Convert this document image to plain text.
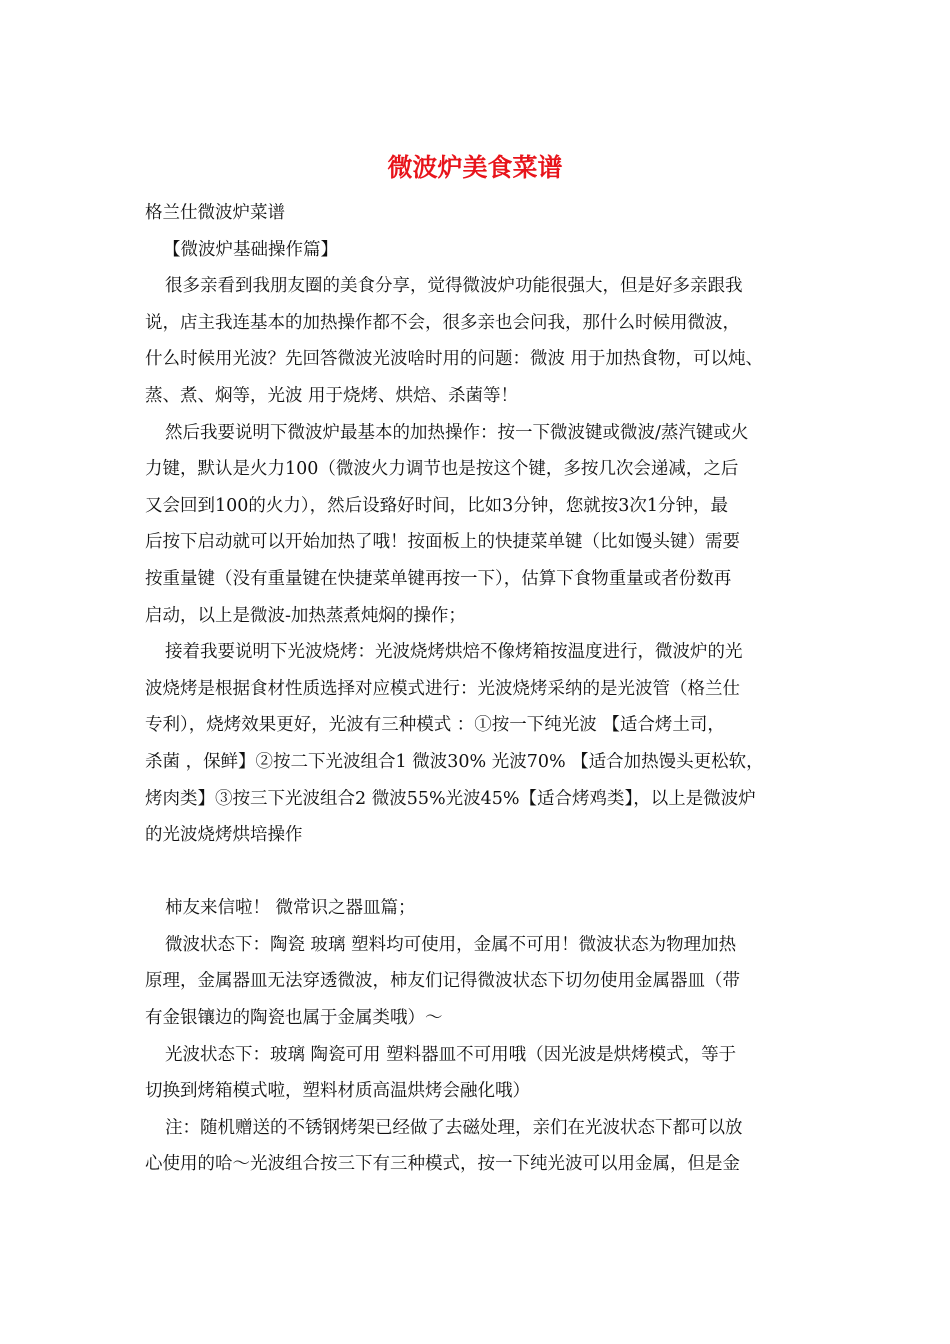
微波炉美食菜谱
格兰仕微波炉菜谱
【微波炉基础操作篇】
很多亲看到我朋友圈的美食分享，觉得微波炉功能很强大，但是好多亲跟我
说，店主我连基本的加热操作都不会，很多亲也会问我，那什么时候用微波，
什么时候用光波？先回答微波光波啥时用的问题：微波 用于加热食物，可以炖、
蒸、煮、焖等，光波 用于烧烤、烘焙、杀菌等！
然后我要说明下微波炉最基本的加热操作：按一下微波键或微波/蒸汽键或火
力键，默认是火力100（微波火力调节也是按这个键，多按几次会递减，之后
又会回到100的火力），然后设臵好时间，比如3分钟，您就按3次1分钟，最
后按下启动就可以开始加热了哦！按面板上的快捷菜单键（比如馒头键）需要
按重量键（没有重量键在快捷菜单键再按一下），估算下食物重量或者份数再
启动，以上是微波-加热蒸煮炖焖的操作；
接着我要说明下光波烧烤：光波烧烤烘焙不像烤箱按温度进行，微波炉的光
波烧烤是根据食材性质选择对应模式进行：光波烧烤采纳的是光波管（格兰仕
专利），烧烤效果更好，光波有三种模式 ：①按一下纯光波 【适合烤土司，
杀菌 ，保鲜】②按二下光波组合1 微波30% 光波70% 【适合加热馒头更松软，
烤肉类】③按三下光波组合2 微波55%光波45%【适合烤鸡类】，以上是微波炉
的光波烧烤烘培操作
柿友来信啦！ 微常识之器皿篇；
微波状态下：陶瓷 玻璃 塑料均可使用，金属不可用！微波状态为物理加热
原理，金属器皿无法穿透微波，柿友们记得微波状态下切勿使用金属器皿（带
有金银镶边的陶瓷也属于金属类哦）～
光波状态下：玻璃 陶瓷可用 塑料器皿不可用哦（因光波是烘烤模式，等于
切换到烤箱模式啦，塑料材质高温烘烤会融化哦）
注：随机赠送的不锈钢烤架已经做了去磁处理，亲们在光波状态下都可以放
心使用的哈～光波组合按三下有三种模式，按一下纯光波可以用金属，但是金
